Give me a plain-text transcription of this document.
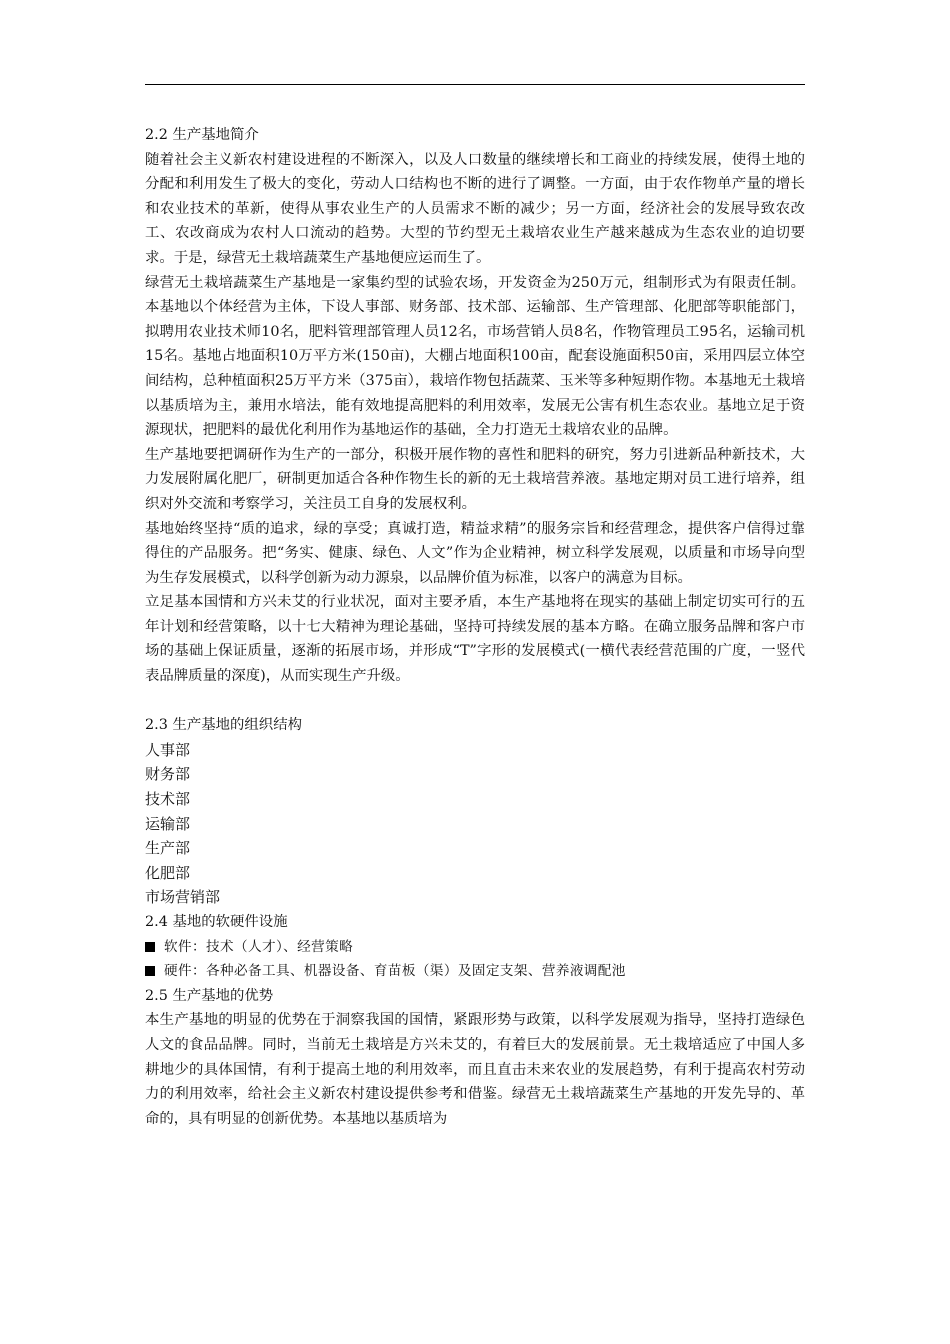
2.2 生产基地简介

随着社会主义新农村建设进程的不断深入，以及人口数量的继续增长和工商业的持续发展，使得土地的分配和利用发生了极大的变化，劳动人口结构也不断的进行了调整。一方面，由于农作物单产量的增长和农业技术的革新，使得从事农业生产的人员需求不断的减少；另一方面，经济社会的发展导致农改工、农改商成为农村人口流动的趋势。大型的节约型无土栽培农业生产越来越成为生态农业的迫切要求。于是，绿营无土栽培蔬菜生产基地便应运而生了。

绿营无土栽培蔬菜生产基地是一家集约型的试验农场，开发资金为250万元，组制形式为有限责任制。本基地以个体经营为主体，下设人事部、财务部、技术部、运输部、生产管理部、化肥部等职能部门，拟聘用农业技术师10名，肥料管理部管理人员12名，市场营销人员8名，作物管理员工95名，运输司机15名。基地占地面积10万平方米(150亩)，大棚占地面积100亩，配套设施面积50亩，采用四层立体空间结构，总种植面积25万平方米（375亩），栽培作物包括蔬菜、玉米等多种短期作物。本基地无土栽培以基质培为主，兼用水培法，能有效地提高肥料的利用效率，发展无公害有机生态农业。基地立足于资源现状，把肥料的最优化利用作为基地运作的基础，全力打造无土栽培农业的品牌。

生产基地要把调研作为生产的一部分，积极开展作物的喜性和肥料的研究，努力引进新品种新技术，大力发展附属化肥厂，研制更加适合各种作物生长的新的无土栽培营养液。基地定期对员工进行培养，组织对外交流和考察学习，关注员工自身的发展权利。

基地始终坚持“质的追求，绿的享受；真诚打造，精益求精”的服务宗旨和经营理念，提供客户信得过靠得住的产品服务。把“务实、健康、绿色、人文”作为企业精神，树立科学发展观，以质量和市场导向型为生存发展模式，以科学创新为动力源泉，以品牌价值为标准，以客户的满意为目标。

立足基本国情和方兴未艾的行业状况，面对主要矛盾，本生产基地将在现实的基础上制定切实可行的五年计划和经营策略，以十七大精神为理论基础，坚持可持续发展的基本方略。在确立服务品牌和客户市场的基础上保证质量，逐渐的拓展市场，并形成“T”字形的发展模式(一横代表经营范围的广度，一竖代表品牌质量的深度)，从而实现生产升级。

2.3 生产基地的组织结构

人事部

财务部

技术部

运输部

生产部

化肥部

市场营销部

2.4 基地的软硬件设施

软件：技术（人才）、经营策略

硬件：各种必备工具、机器设备、育苗板（渠）及固定支架、营养液调配池

2.5 生产基地的优势

本生产基地的明显的优势在于洞察我国的国情，紧跟形势与政策，以科学发展观为指导，坚持打造绿色人文的食品品牌。同时，当前无土栽培是方兴未艾的，有着巨大的发展前景。无土栽培适应了中国人多耕地少的具体国情，有利于提高土地的利用效率，而且直击未来农业的发展趋势，有利于提高农村劳动力的利用效率，给社会主义新农村建设提供参考和借鉴。绿营无土栽培蔬菜生产基地的开发先导的、革命的，具有明显的创新优势。本基地以基质培为
